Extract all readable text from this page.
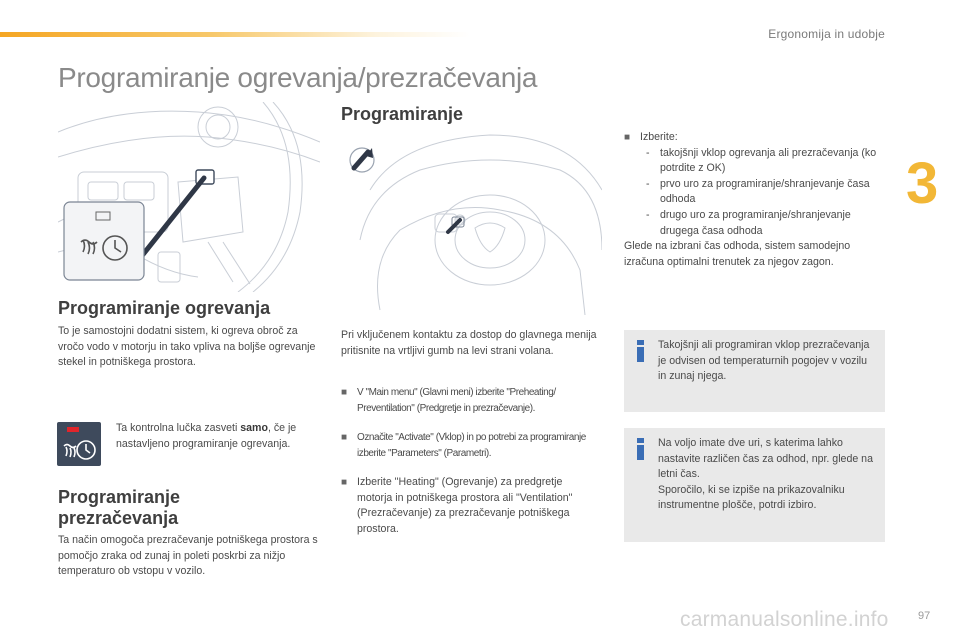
Ergonomija in udobje
3
Programiranje ogrevanja/prezračevanja
Programiranje ogrevanja

To je samostojni dodatni sistem, ki ogreva obroč za vročo vodo v motorju in tako vpliva na boljše ogrevanje stekel in potniškega prostora.

Ta kontrolna lučka zasveti samo, če je nastavljeno programiranje ogrevanja.

Programiranje
prezračevanja

Ta način omogoča prezračevanje potniškega prostora s pomočjo zraka od zunaj in poleti poskrbi za nižjo temperaturo ob vstopu v vozilo.

Programiranje

Pri vključenem kontaktu za dostop do glavnega menija pritisnite na vrtljivi gumb na levi strani volana.

■	V "Main menu" (Glavni meni) izberite "Preheating/ Preventilation" (Predgretje in prezračevanje).
■	Označite "Activate" (Vklop) in po potrebi za programiranje izberite "Parameters" (Parametri).
■ Izberite "Heating" (Ogrevanje) za predgretje motorja in potniškega prostora ali "Ventilation" (Prezračevanje) za prezračevanje potniškega prostora.
■ Izberite:
- takojšnji vklop ogrevanja ali prezračevanja (ko potrdite z OK)
- prvo uro za programiranje/shranjevanje časa odhoda
- drugo uro za programiranje/shranjevanje drugega časa odhoda
Glede na izbrani čas odhoda, sistem samodejno izračuna optimalni trenutek za njegov zagon.
Takojšnji ali programiran vklop prezračevanja je odvisen od temperaturnih pogojev v vozilu in zunaj njega.
Na voljo imate dve uri, s katerima lahko nastavite različen čas za odhod, npr. glede na letni čas.
Sporočilo, ki se izpiše na prikazovalniku instrumentne plošče, potrdi izbiro.
carmanualsonline.info	97
